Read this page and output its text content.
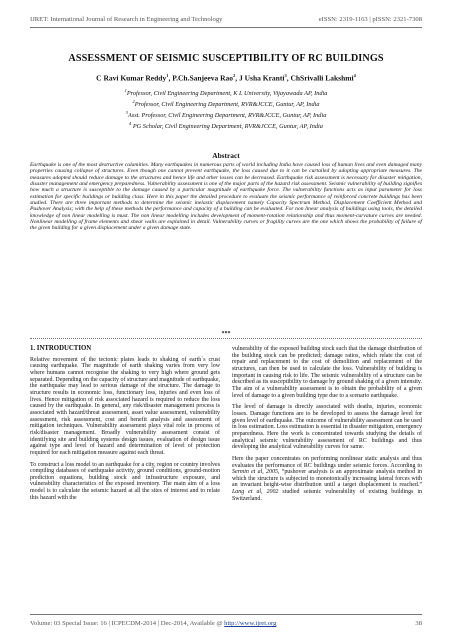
IJRET: International Journal of Research in Engineering and Technology	eISSN: 2319-1163 | pISSN: 2321-7308
ASSESSMENT OF SEISMIC SUSCEPTIBILITY OF RC BUILDINGS
C Ravi Kumar Reddy$^1$, P.Ch.Sanjeeva Rao$^2$, J Usha Kranti$^3$, ChSrivalli Lakshmi$^4$
$^1$Professor, Civil Engineering Department, K L University, Vijayawada AP, India
$^2$Professor, Civil Engineering Department, RVR&JCCE, Guntur, AP, India
$^3$Asst. Professor, Civil Engineering Department, RVR&JCCE, Guntur, AP, India
$^4$ PG Scholar, Civil Engineering Department, RVR&JCCE, Guntur, AP, India
Abstract
Earthquake is one of the most destructive calamities. Many earthquakes in numerous parts of world including India have caused loss of human lives and even damaged many properties causing collapse of structures. Even though one cannot prevent earthquake, the loss caused due to it can be curtailed by adopting appropriate measures. The measures adopted should reduce damage to the structures and hence life and other losses can be decreased. Earthquake risk assessment is necessary for disaster mitigation, disaster management and emergency preparedness. Vulnerability assessment is one of the major parts of the hazard risk assessment. Seismic vulnerability of building signifies how much a structure is susceptible to the damage caused by a particular magnitude of earthquake force. The vulnerability functions acts as input parameter for loss estimation for specific buildings or building class. Here in this paper the detailed procedure to evaluate the seismic performance of reinforced concrete buildings has been studied. There are three important methods to determine the seismic inelastic displacement namely Capacity Spectrum Method, Displacement Coefficient Method and Pushover Analysis; with the help of these methods the performance and capacity of a building can be evaluated. For non linear analysis of buildings using tools, the detailed knowledge of non linear modelling is must. The non linear modelling includes development of moment-rotation relationship and thus moment-curvature curves are needed. Nonlinear modelling of frame elements and shear walls are explained in detail. Vulnerability curves or fragility curves are the one which shows the probability of failure of the given building for a given displacement under a given damage state.
***
1. INTRODUCTION

Relative movement of the tectonic plates leads to shaking of earth`s crust causing earthquake. The magnitude of earth shaking varies from very low where humans cannot recognise the shaking to very high where ground gets separated. Depending on the capacity of structure and magnitude of earthquake, the earthquake may lead to serious damage of the structure. The damage to structure results in economic loss, functionary loss, injuries and even loss of lives. Hence mitigation of risk associated hazard is required to reduce the loss caused by the earthquake. In general, any risk/disaster management process is associated with hazard/threat assessment, asset value assessment, vulnerability assessment, risk assessment, cost and benefit analysis and assessment of mitigation techniques. Vulnerability assessment plays vital role in process of risk/disaster management. Broadly vulnerability assessment consist of identifying site and building systems design issues, evaluation of design issue against type and level of hazard and determination of level of protection required for each mitigation measure against each threat.

To construct a loss model to an earthquake for a city, region or country involves compiling databases of earthquake activity, ground conditions, ground-motion prediction equations, building stock and infrastructure exposure, and vulnerability characteristics of the exposed inventory. The main aim of a loss model is to calculate the seismic hazard at all the sites of interest and to relate this hazard with the

vulnerability of the exposed building stock such that the damage distribution of the building stock can be predicted; damage ratios, which relate the cost of repair and replacement to the cost of demolition and replacement of the structures, can then be used to calculate the loss. Vulnerability of building is important in causing risk to life. The seismic vulnerability of a structure can be described as its susceptibility to damage by ground shaking of a given intensity. The aim of a vulnerability assessment is to obtain the probability of a given level of damage to a given building type due to a scenario earthquake.

The level of damage is directly associated with deaths, injuries, economic losses. Damage functions are to be developed to assess the damage level for given level of earthquake. The outcome of vulnerability assessment can be used in loss estimation. Loss estimation is essential in disaster mitigation, emergency preparedness. Here the work is concentrated towards studying the details of analytical seismic vulnerability assessment of RC buildings and thus developing the analytical vulnerability curves for same.

Here the paper concentrates on performing nonlinear static analysis and thus evaluates the performance of RC buildings under seismic forces. According to Sermin et al, 2005, “pushover analysis is an approximate analysis method in which the structure is subjected to monotonically increasing lateral forces with an invariant height-wise distribution until a target displacement is reached.” Lang et al, 2002 studied seismic vulnerability of existing buildings in Switzerland.

Volume: 03 Special Issue: 16 | ICPECDM-2014 | Dec-2014, Available @ http://www.ijret.org	38
